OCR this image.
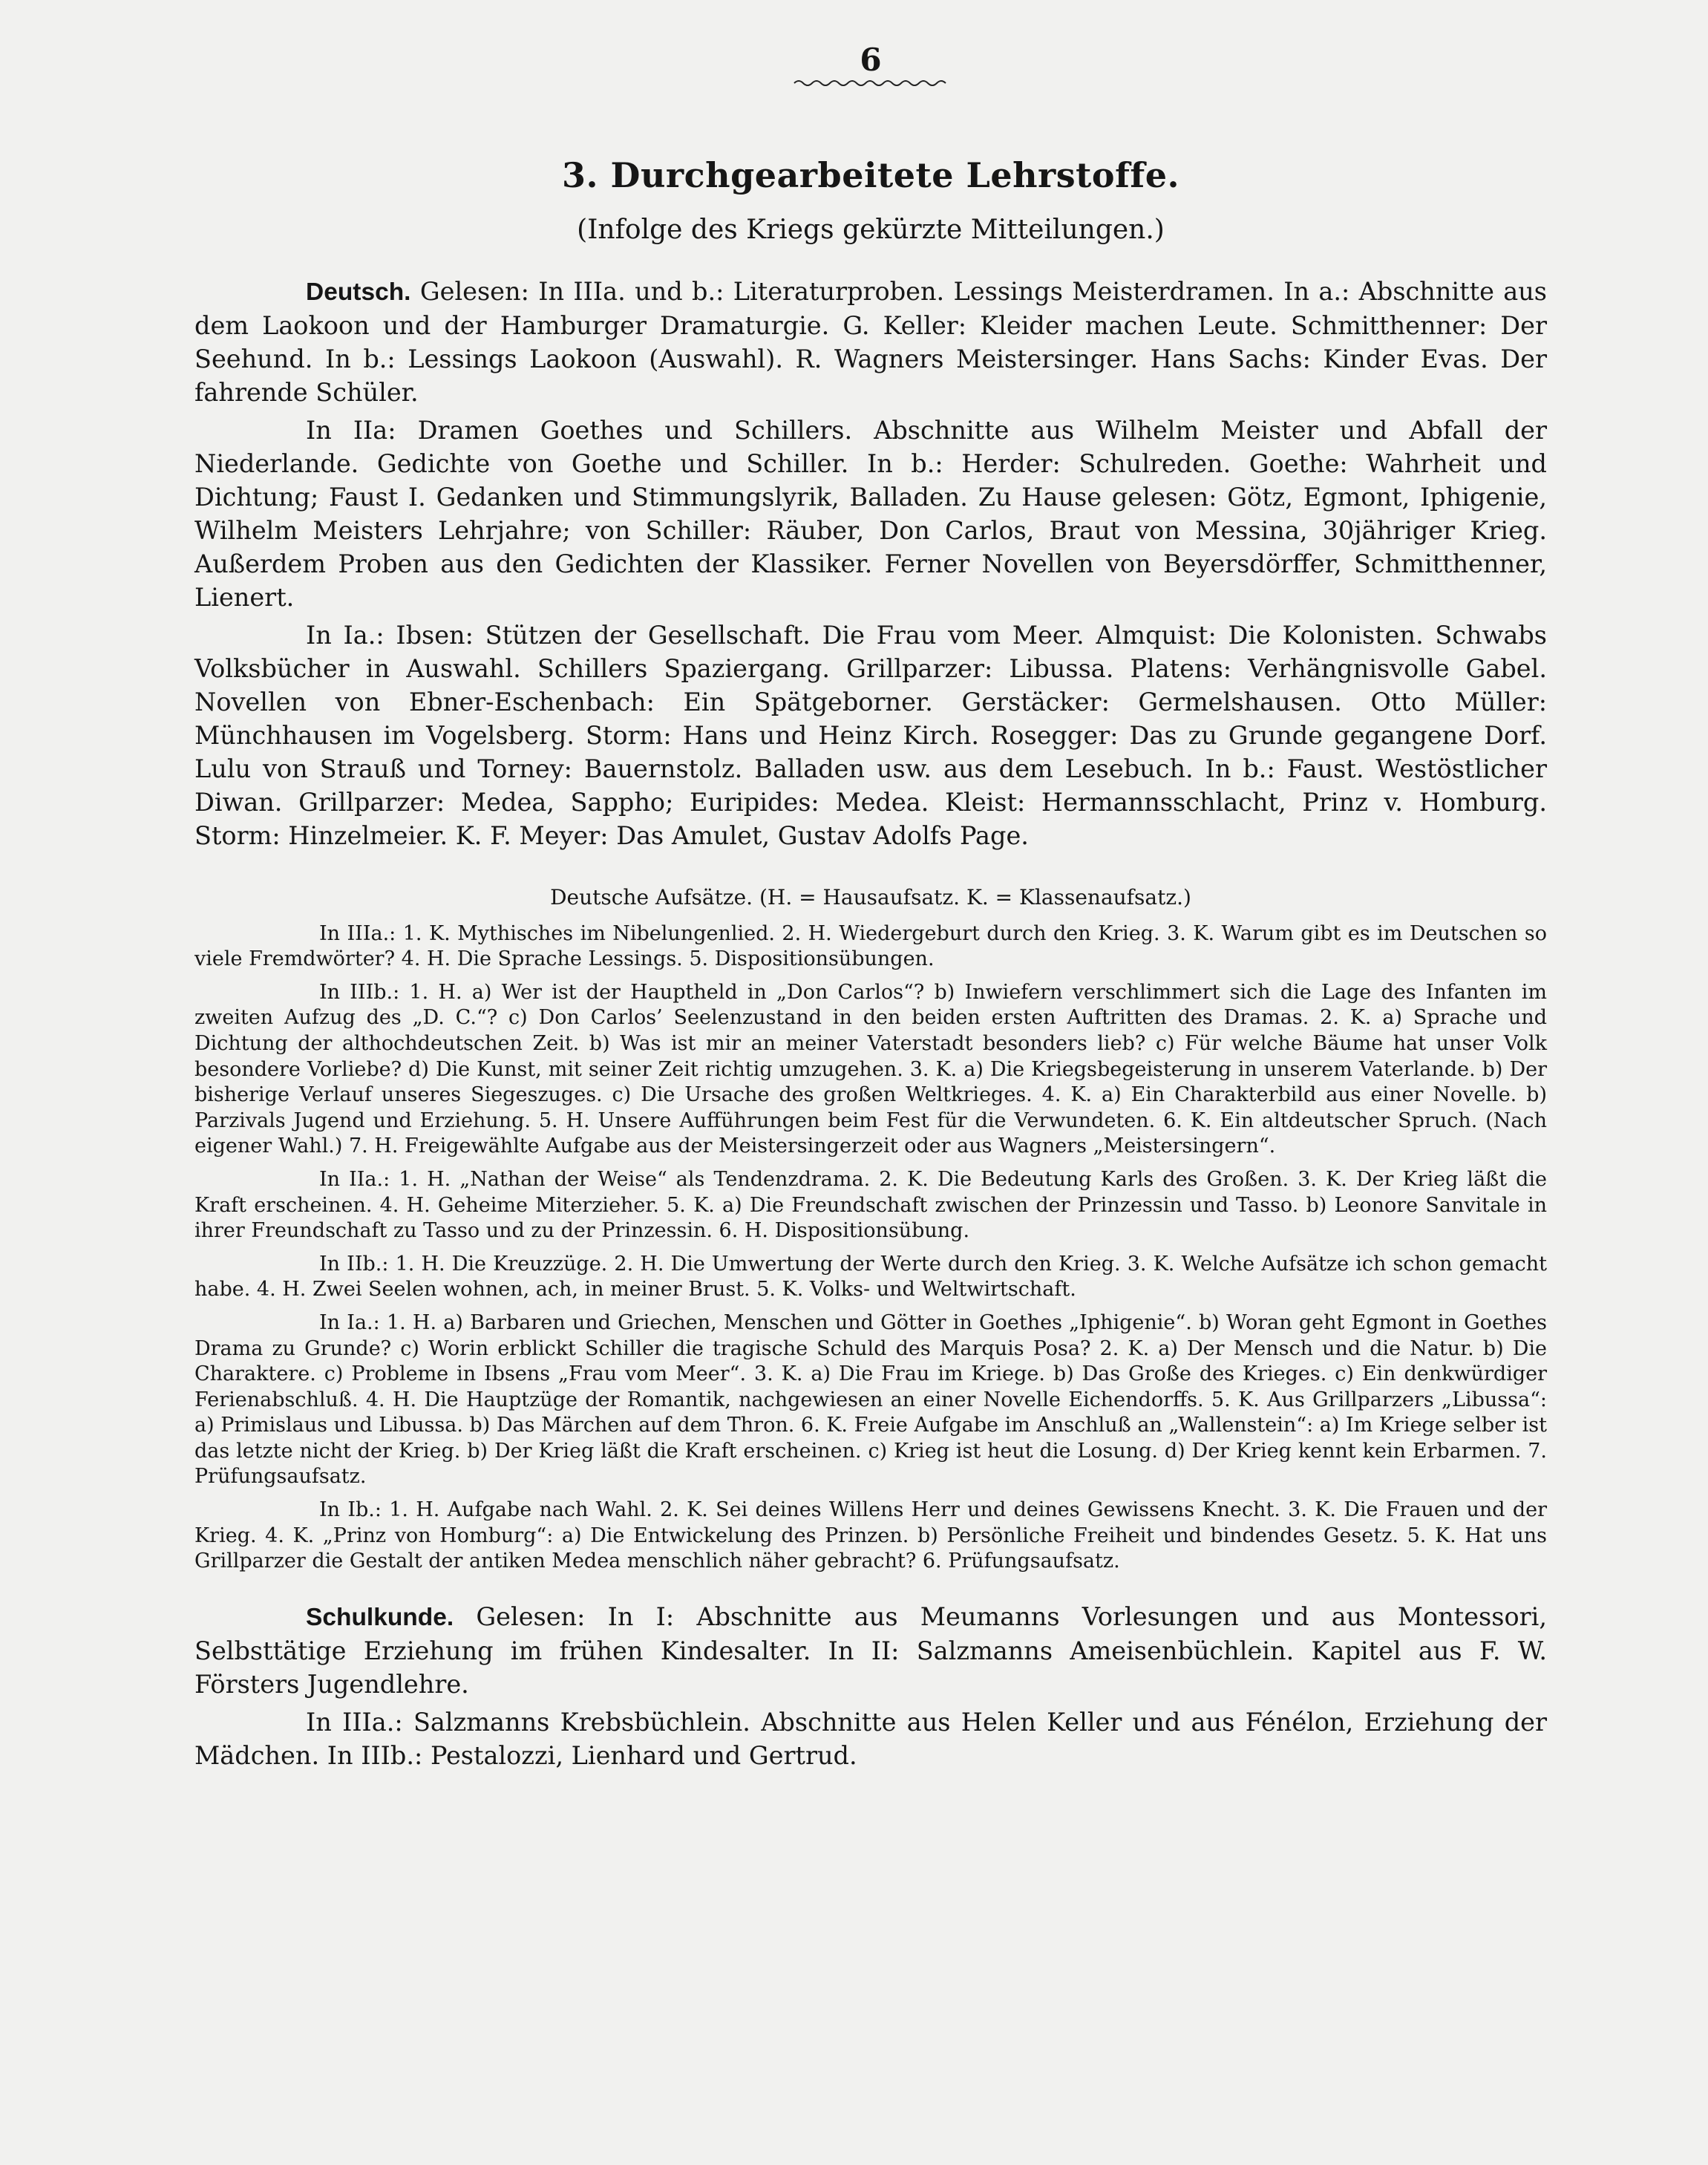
6
3. Durchgearbeitete Lehrstoffe.
(Infolge des Kriegs gekürzte Mitteilungen.)

Deutsch. Gelesen: In IIIa. und b.: Literaturproben. Lessings Meisterdramen. In a.: Abschnitte aus dem Laokoon und der Hamburger Dramaturgie. G. Keller: Kleider machen Leute. Schmitthenner: Der Seehund. In b.: Lessings Laokoon (Auswahl). R. Wagners Meistersinger. Hans Sachs: Kinder Evas. Der fahrende Schüler.

In IIa: Dramen Goethes und Schillers. Abschnitte aus Wilhelm Meister und Abfall der Niederlande. Gedichte von Goethe und Schiller. In b.: Herder: Schulreden. Goethe: Wahrheit und Dichtung; Faust I. Gedanken und Stimmungslyrik, Balladen. Zu Hause gelesen: Götz, Egmont, Iphigenie, Wilhelm Meisters Lehrjahre; von Schiller: Räuber, Don Carlos, Braut von Messina, 30jähriger Krieg. Außerdem Proben aus den Gedichten der Klassiker. Ferner Novellen von Beyersdörffer, Schmitthenner, Lienert.

In Ia.: Ibsen: Stützen der Gesellschaft. Die Frau vom Meer. Almquist: Die Kolonisten. Schwabs Volksbücher in Auswahl. Schillers Spaziergang. Grillparzer: Libussa. Platens: Verhängnisvolle Gabel. Novellen von Ebner-Eschenbach: Ein Spätgeborner. Gerstäcker: Germelshausen. Otto Müller: Münchhausen im Vogelsberg. Storm: Hans und Heinz Kirch. Rosegger: Das zu Grunde gegangene Dorf. Lulu von Strauß und Torney: Bauernstolz. Balladen usw. aus dem Lesebuch. In b.: Faust. Westöstlicher Diwan. Grillparzer: Medea, Sappho; Euripides: Medea. Kleist: Hermannsschlacht, Prinz v. Homburg. Storm: Hinzelmeier. K. F. Meyer: Das Amulet, Gustav Adolfs Page.

Deutsche Aufsätze. (H. = Hausaufsatz. K. = Klassenaufsatz.)

In IIIa.: 1. K. Mythisches im Nibelungenlied. 2. H. Wiedergeburt durch den Krieg. 3. K. Warum gibt es im Deutschen so viele Fremdwörter? 4. H. Die Sprache Lessings. 5. Dispositionsübungen.

In IIIb.: 1. H. a) Wer ist der Hauptheld in „Don Carlos“? b) Inwiefern verschlimmert sich die Lage des Infanten im zweiten Aufzug des „D. C.“? c) Don Carlos’ Seelenzustand in den beiden ersten Auftritten des Dramas. 2. K. a) Sprache und Dichtung der althochdeutschen Zeit. b) Was ist mir an meiner Vaterstadt besonders lieb? c) Für welche Bäume hat unser Volk besondere Vorliebe? d) Die Kunst, mit seiner Zeit richtig umzugehen. 3. K. a) Die Kriegsbegeisterung in unserem Vaterlande. b) Der bisherige Verlauf unseres Siegeszuges. c) Die Ursache des großen Weltkrieges. 4. K. a) Ein Charakterbild aus einer Novelle. b) Parzivals Jugend und Erziehung. 5. H. Unsere Aufführungen beim Fest für die Verwundeten. 6. K. Ein altdeutscher Spruch. (Nach eigener Wahl.) 7. H. Freigewählte Aufgabe aus der Meistersingerzeit oder aus Wagners „Meistersingern“.

In IIa.: 1. H. „Nathan der Weise“ als Tendenzdrama. 2. K. Die Bedeutung Karls des Großen. 3. K. Der Krieg läßt die Kraft erscheinen. 4. H. Geheime Miterzieher. 5. K. a) Die Freundschaft zwischen der Prinzessin und Tasso. b) Leonore Sanvitale in ihrer Freundschaft zu Tasso und zu der Prinzessin. 6. H. Dispositionsübung.

In IIb.: 1. H. Die Kreuzzüge. 2. H. Die Umwertung der Werte durch den Krieg. 3. K. Welche Aufsätze ich schon gemacht habe. 4. H. Zwei Seelen wohnen, ach, in meiner Brust. 5. K. Volks- und Weltwirtschaft.

In Ia.: 1. H. a) Barbaren und Griechen, Menschen und Götter in Goethes „Iphigenie“. b) Woran geht Egmont in Goethes Drama zu Grunde? c) Worin erblickt Schiller die tragische Schuld des Marquis Posa? 2. K. a) Der Mensch und die Natur. b) Die Charaktere. c) Probleme in Ibsens „Frau vom Meer“. 3. K. a) Die Frau im Kriege. b) Das Große des Krieges. c) Ein denkwürdiger Ferienabschluß. 4. H. Die Hauptzüge der Romantik, nachgewiesen an einer Novelle Eichendorffs. 5. K. Aus Grillparzers „Libussa“: a) Primislaus und Libussa. b) Das Märchen auf dem Thron. 6. K. Freie Aufgabe im Anschluß an „Wallenstein“: a) Im Kriege selber ist das letzte nicht der Krieg. b) Der Krieg läßt die Kraft erscheinen. c) Krieg ist heut die Losung. d) Der Krieg kennt kein Erbarmen. 7. Prüfungsaufsatz.

In Ib.: 1. H. Aufgabe nach Wahl. 2. K. Sei deines Willens Herr und deines Gewissens Knecht. 3. K. Die Frauen und der Krieg. 4. K. „Prinz von Homburg“: a) Die Entwickelung des Prinzen. b) Persönliche Freiheit und bindendes Gesetz. 5. K. Hat uns Grillparzer die Gestalt der antiken Medea menschlich näher gebracht? 6. Prüfungsaufsatz.

Schulkunde. Gelesen: In I: Abschnitte aus Meumanns Vorlesungen und aus Montessori, Selbsttätige Erziehung im frühen Kindesalter. In II: Salzmanns Ameisenbüchlein. Kapitel aus F. W. Försters Jugendlehre.

In IIIa.: Salzmanns Krebsbüchlein. Abschnitte aus Helen Keller und aus Fénélon, Erziehung der Mädchen. In IIIb.: Pestalozzi, Lienhard und Gertrud.
